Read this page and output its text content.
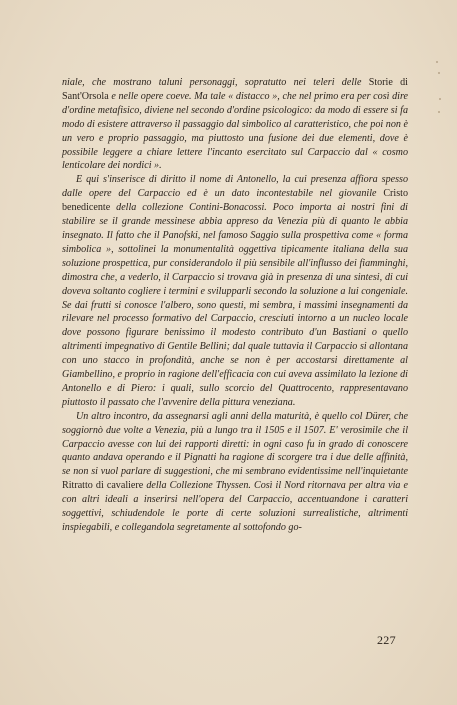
niale, che mostrano taluni personaggi, sopratutto nei teleri delle Storie di Sant'Orsola e nelle opere coeve. Ma tale « distacco », che nel primo era per così dire d'ordine metafisico, diviene nel secondo d'ordine psicologico: da modo di essere si fa modo di esistere attraverso il passaggio dal simbolico al caratteristico, che poi non è un vero e proprio passaggio, ma piuttosto una fusione dei due elementi, dove è possibile leggere a chiare lettere l'incanto esercitato sul Carpaccio dal « cosmo lenticolare dei nordici ».

E qui s'inserisce di diritto il nome di Antonello, la cui presenza affiora spesso dalle opere del Carpaccio ed è un dato incontestabile nel giovanile Cristo benedicente della collezione Contini-Bonacossi. Poco importa ai nostri fini di stabilire se il grande messinese abbia appreso da Venezia più di quanto le abbia insegnato. Il fatto che il Panofski, nel famoso Saggio sulla prospettiva come « forma simbolica », sottolinei la monumentalità oggettiva tipicamente italiana della sua soluzione prospettica, pur considerandolo il più sensibile all'influsso dei fiamminghi, dimostra che, a vederlo, il Carpaccio si trovava già in presenza di una sintesi, di cui doveva soltanto cogliere i termini e svilupparli secondo la soluzione a lui congeniale. Se dai frutti si conosce l'albero, sono questi, mi sembra, i massimi insegnamenti da rilevare nel processo formativo del Carpaccio, cresciuti intorno a un nucleo locale dove possono figurare benissimo il modesto contributo d'un Bastiani o quello altrimenti impegnativo di Gentile Bellini; dal quale tuttavia il Carpaccio si allontana con uno stacco in profondità, anche se non è per accostarsi direttamente al Giambellino, e proprio in ragione dell'efficacia con cui aveva assimilato la lezione di Antonello e di Piero: i quali, sullo scorcio del Quattrocento, rappresentavano piuttosto il passato che l'avvenire della pittura veneziana.

Un altro incontro, da assegnarsi agli anni della maturità, è quello col Dürer, che soggiornò due volte a Venezia, più a lungo tra il 1505 e il 1507. E' verosimile che il Carpaccio avesse con lui dei rapporti diretti: in ogni caso fu in grado di conoscere quanto andava operando e il Pignatti ha ragione di scorgere tra i due delle affinità, se non si vuol parlare di suggestioni, che mi sembrano evidentissime nell'inquietante Ritratto di cavaliere della Collezione Thyssen. Così il Nord ritornava per altra via e con altri ideali a inserirsi nell'opera del Carpaccio, accentuandone i caratteri soggettivi, schiudendole le porte di certe soluzioni surrealistiche, altrimenti inspiegabili, e collegandola segretamente al sottofondo go-

227
